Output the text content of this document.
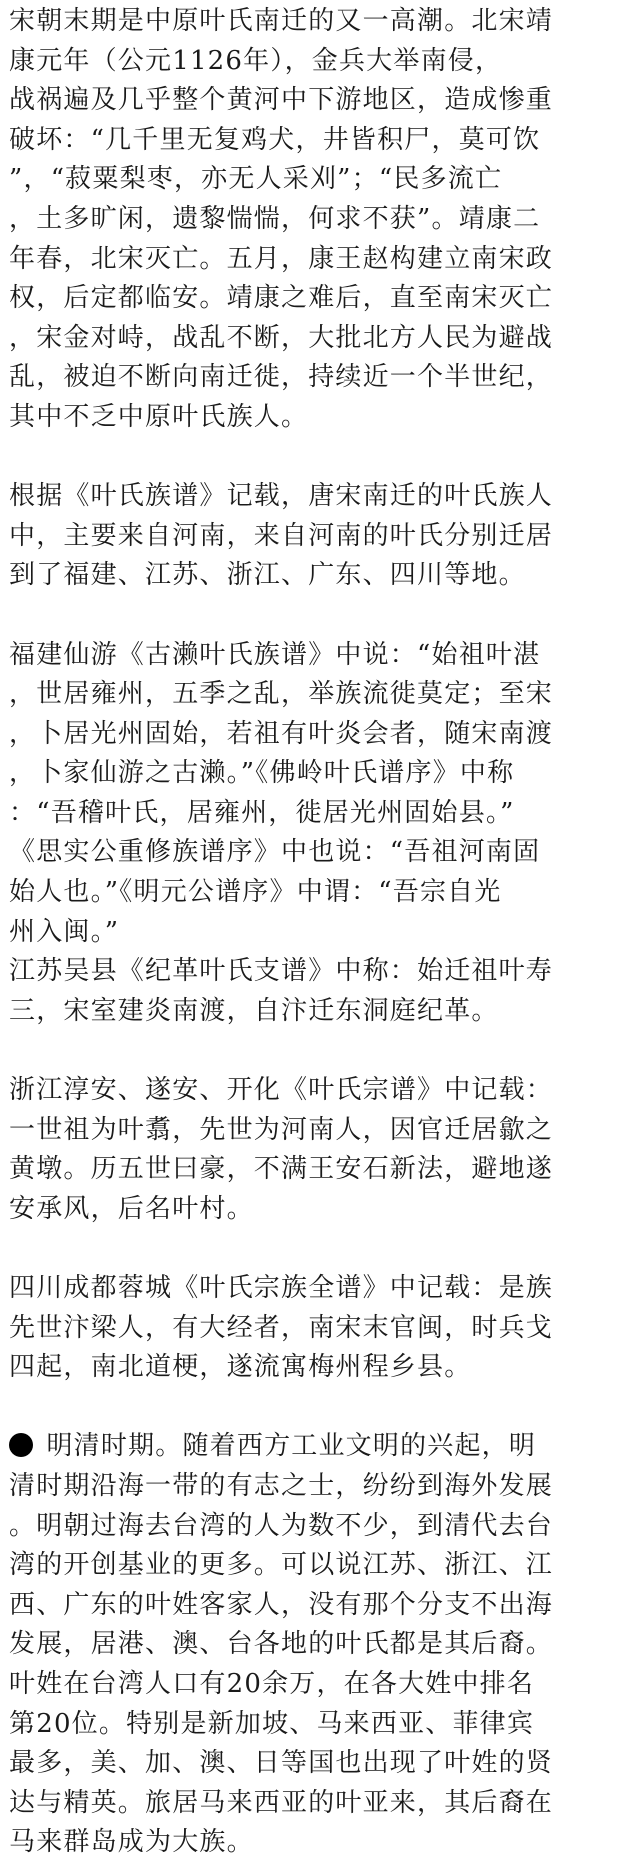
宋朝末期是中原叶氏南迁的又一高潮。北宋靖
康元年（公元1126年），金兵大举南侵，
战祸遍及几乎整个黄河中下游地区，造成惨重
破坏：“几千里无复鸡犬，井皆积尸，莫可饮
”，“菽粟梨枣，亦无人采刈”；“民多流亡
，土多旷闲，遗黎惴惴，何求不获”。靖康二
年春，北宋灭亡。五月，康王赵构建立南宋政
权，后定都临安。靖康之难后，直至南宋灭亡
，宋金对峙，战乱不断，大批北方人民为避战
乱，被迫不断向南迁徙，持续近一个半世纪，
其中不乏中原叶氏族人。
根据《叶氏族谱》记载，唐宋南迁的叶氏族人
中，主要来自河南，来自河南的叶氏分别迁居
到了福建、江苏、浙江、广东、四川等地。
福建仙游《古濑叶氏族谱》中说：“始祖叶湛
，世居雍州，五季之乱，举族流徙莫定；至宋
，卜居光州固始，若祖有叶炎会者，随宋南渡
，卜家仙游之古濑。”《佛岭叶氏谱序》中称
：“吾稽叶氏，居雍州，徙居光州固始县。”
《思实公重修族谱序》中也说：“吾祖河南固
始人也。”《明元公谱序》中谓：“吾宗自光
州入闽。”
江苏吴县《纪革叶氏支谱》中称：始迁祖叶寿
三，宋室建炎南渡，自汴迁东洞庭纪革。
浙江淳安、遂安、开化《叶氏宗谱》中记载：
一世祖为叶翥，先世为河南人，因官迁居歙之
黄墩。历五世曰豪，不满王安石新法，避地遂
安承风，后名叶村。
四川成都蓉城《叶氏宗族全谱》中记载：是族
先世汴梁人，有大经者，南宋末官闽，时兵戈
四起，南北道梗，遂流寓梅州程乡县。
明清时期。随着西方工业文明的兴起，明
清时期沿海一带的有志之士，纷纷到海外发展
。明朝过海去台湾的人为数不少，到清代去台
湾的开创基业的更多。可以说江苏、浙江、江
西、广东的叶姓客家人，没有那个分支不出海
发展，居港、澳、台各地的叶氏都是其后裔。
叶姓在台湾人口有20余万，在各大姓中排名
第20位。特别是新加坡、马来西亚、菲律宾
最多，美、加、澳、日等国也出现了叶姓的贤
达与精英。旅居马来西亚的叶亚来，其后裔在
马来群岛成为大族。
